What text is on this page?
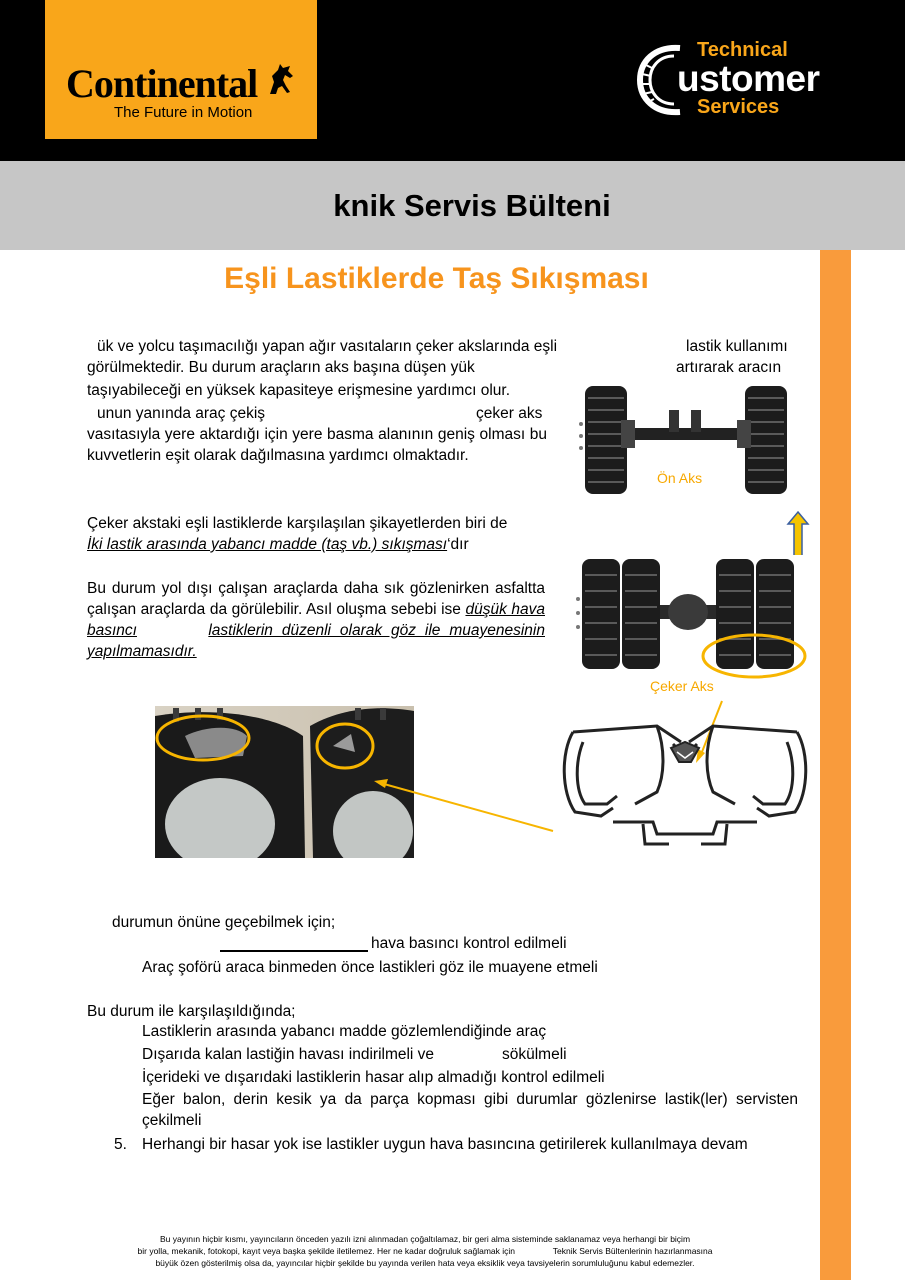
Continental
The Future in Motion
Technical
ustomer
Services
knik Servis Bülteni
Eşli Lastiklerde Taş Sıkışması
ük ve yolcu taşımacılığı yapan ağır vasıtaların çeker akslarında eşli	lastik kullanımı
görülmektedir. Bu durum araçların aks başına düşen yük	artırarak aracın
taşıyabileceği en yüksek kapasiteye erişmesine yardımcı olur.
unun yanında araç çekiş	çeker aks
vasıtasıyla yere aktardığı için yere basma alanının geniş olması bu kuvvetlerin eşit olarak dağılmasına yardımcı olmaktadır.
Çeker akstaki eşli lastiklerde karşılaşılan şikayetlerden biri de
İki lastik arasında yabancı madde (taş vb.) sıkışması‘dır
Bu durum yol dışı çalışan araçlarda daha sık gözlenirken asfaltta çalışan araçlarda da görülebilir. Asıl oluşma sebebi ise düşük hava basıncı	lastiklerin düzenli olarak göz ile muayenesinin yapılmamasıdır.
Ön Aks
Çeker Aks
durumun önüne geçebilmek için;
hava basıncı kontrol edilmeli
Araç şoförü araca binmeden önce lastikleri göz ile muayene etmeli
Bu durum ile karşılaşıldığında;
Lastiklerin arasında yabancı madde gözlemlendiğinde araç
Dışarıda kalan lastiğin havası indirilmeli ve	sökülmeli
İçerideki ve dışarıdaki lastiklerin hasar alıp almadığı kontrol edilmeli
Eğer balon, derin kesik ya da parça kopması gibi durumlar gözlenirse lastik(ler) servisten çekilmeli
5. Herhangi bir hasar yok ise lastikler uygun hava basıncına getirilerek kullanılmaya devam
Bu yayının hiçbir kısmı, yayıncıların önceden yazılı izni alınmadan çoğaltılamaz, bir geri alma sisteminde saklanamaz veya herhangi bir biçim
bir yolla, mekanik, fotokopi, kayıt veya başka şekilde iletilemez. Her ne kadar doğruluk sağlamak için	Teknik Servis Bültenlerinin hazırlanmasına
büyük özen gösterilmiş olsa da, yayıncılar hiçbir şekilde bu yayında verilen hata veya eksiklik veya tavsiyelerin sorumluluğunu kabul edemezler.
